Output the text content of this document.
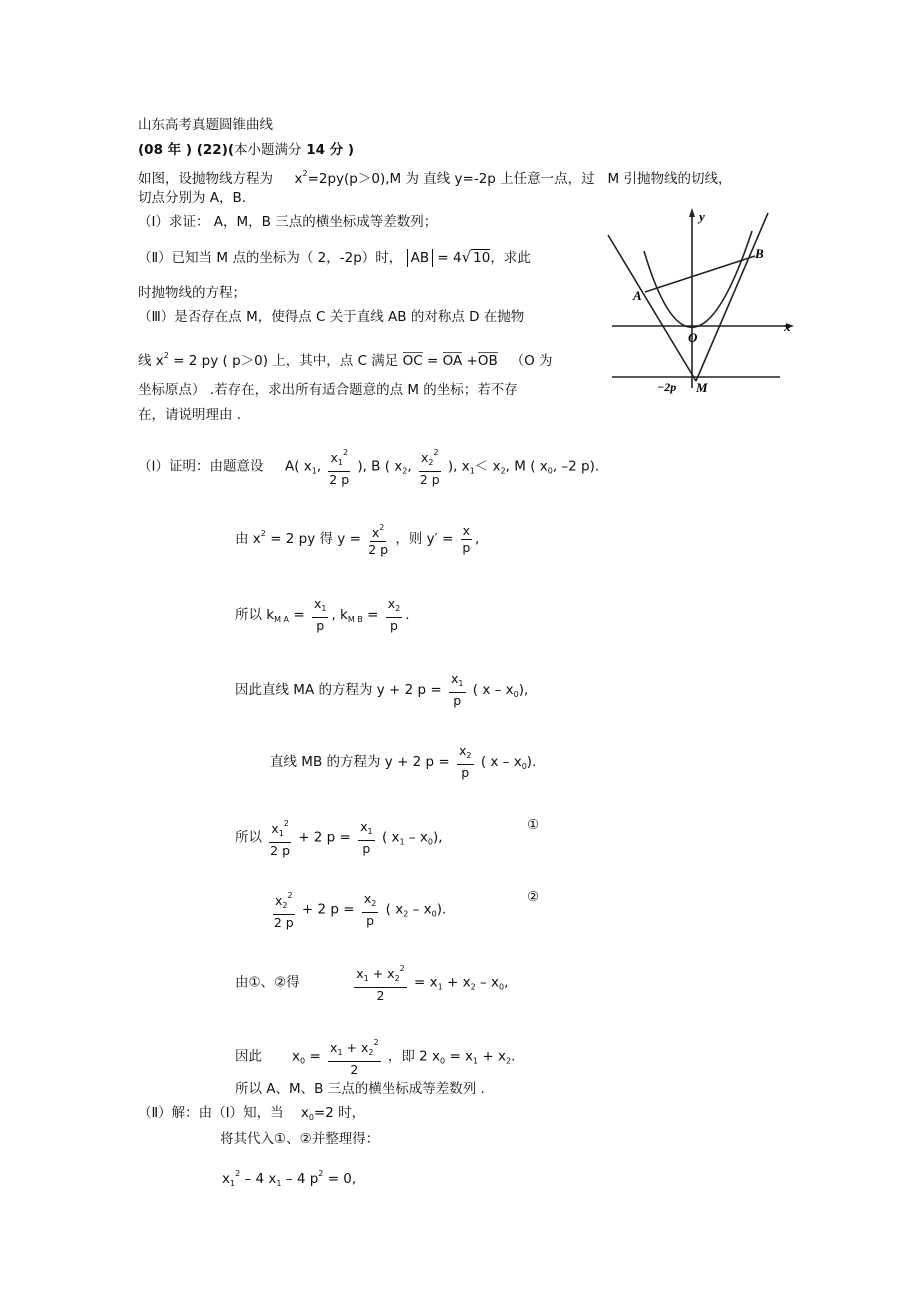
山东高考真题圆锥曲线
(08 年 ) (22)(本小题满分 14 分 )
如图，设抛物线方程为 $x^2=2py(p>0),M$ 为 直线 y=-2p 上任意一点，过 M 引抛物线的切线，
切点分别为 A，B.
（Ⅰ）求证： A，M，B 三点的横坐标成等差数列；
（Ⅱ）已知当 M 点的坐标为（ 2，-2p）时， AB = 4√ 10，求此
时抛物线的方程；
（Ⅲ）是否存在点 M，使得点 C 关于直线 AB 的对称点 D 在抛物
线 $x^2 = 2$ py ( p＞0) 上，其中，点 C 满足 OC = OA +OB （O 为
坐标原点） .若存在，求出所有适合题意的点 M 的坐标；若不存
在，请说明理由 .
y
x
A
B
O
M
−2p
（Ⅰ）证明：由题意设 A( $x_1$, $\frac{x_1^2}{2 p}$ ), B ( $x_2$, $\frac{x_2^2}{2 p}$ ), $x_1< x_2$, M ( $x_0$, –2 p).
由 $x^2 = 2$ py 得 $y = \frac{x^2}{2 p}$ ，则 $y' = \frac{x}{p}$ ,
所以 $k_{M A} = \frac{x_1}{p}$ , $k_{M B} = \frac{x_2}{p}$ .
因此直线 MA 的方程为 y + 2 $p = \frac{x_1}{p}$ ( x – $x_0$),
直线 MB 的方程为 y + 2 $p = \frac{x_2}{p}$ ( x – $x_0$).
所以 $\frac{x_1^2}{2 p} + 2$ $p = \frac{x_1}{p}$ ( $x_1 - x_0$),
①
$\frac{x_2^2}{2 p} + 2$ $p = \frac{x_2}{p}$ ( $x_2 - x_0$).
②
由①、②得	$\frac{x_1 + x_2^2}{2} = x_1 + x_2 - x_0$,
因此 $x_0 = \frac{x_1 + x_2^2}{2}$ ，即 2 $x_0 = x_1 + x_2$.
所以 A、M、B 三点的横坐标成等差数列 .
（Ⅱ）解：由（Ⅰ）知，当 $x_0=2$ 时，
将其代入①、②并整理得：
$x_1^2 - 4$ $x_1 - 4$ $p^2 = 0$,
